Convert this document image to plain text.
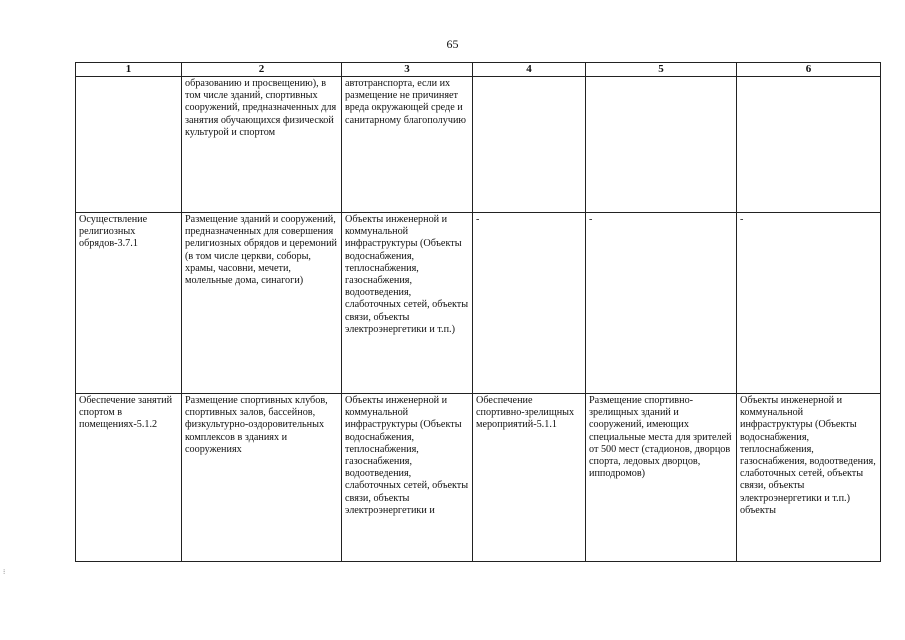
65
1	2	3	4	5	6
	образованию и просвещению), в том числе зданий, спортивных сооружений, предназначенных для занятия обучающихся физической культурой и спортом	автотранспорта, если их размещение не причиняет вреда окружающей среде и санитарному благополучию			
Осуществление религиозных обрядов-3.7.1	Размещение зданий и сооружений, предназначенных для совершения религиозных обрядов и церемоний (в том числе церкви, соборы, храмы, часовни, мечети, молельные дома, синагоги)	Объекты инженерной и коммунальной инфраструктуры (Объекты водоснабжения, теплоснабжения, газоснабжения, водоотведения, слаботочных сетей, объекты связи, объекты электроэнергетики и т.п.)	-	-	-
Обеспечение занятий спортом в помещениях-5.1.2	Размещение спортивных клубов, спортивных залов, бассейнов, физкультурно-оздоровительных комплексов в зданиях и сооружениях	Объекты инженерной и коммунальной инфраструктуры (Объекты водоснабжения, теплоснабжения, газоснабжения, водоотведения, слаботочных сетей, объекты связи, объекты электроэнергетики и	Обеспечение спортивно-зрелищных мероприятий-5.1.1	Размещение спортивно-зрелищных зданий и сооружений, имеющих специальные места для зрителей от 500 мест (стадионов, дворцов спорта, ледовых дворцов, ипподромов)	Объекты инженерной и коммунальной инфраструктуры (Объекты водоснабжения, теплоснабжения, газоснабжения, водоотведения, слаботочных сетей, объекты связи, объекты электроэнергетики и т.п.) объекты
⁝
